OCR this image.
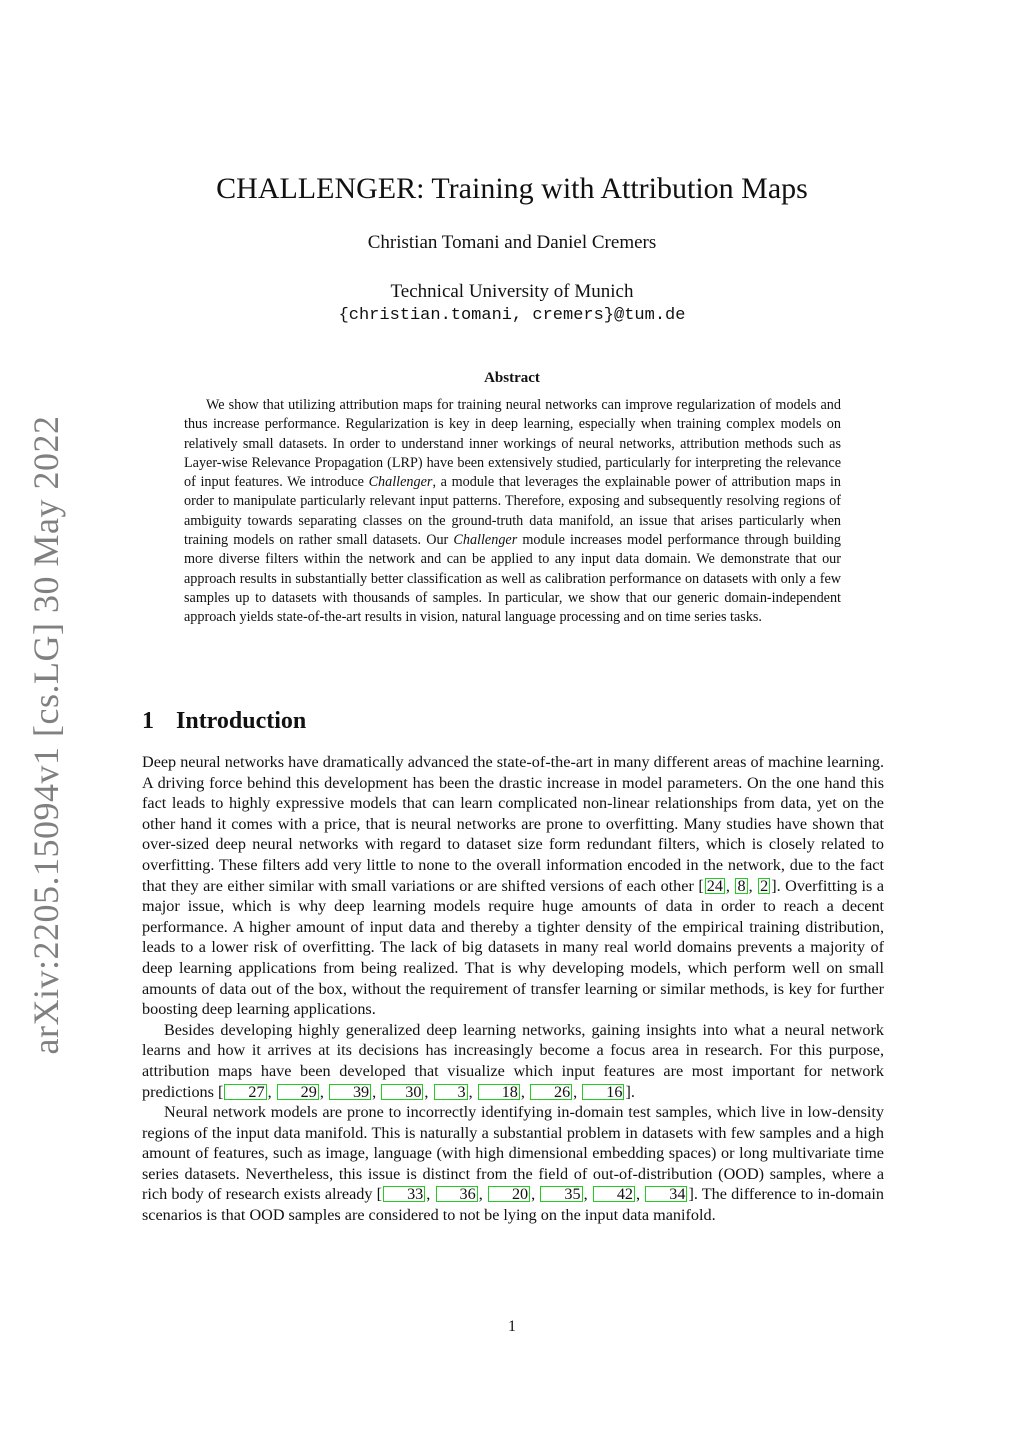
arXiv:2205.15094v1 [cs.LG] 30 May 2022
CHALLENGER: Training with Attribution Maps
Christian Tomani and Daniel Cremers
Technical University of Munich
{christian.tomani, cremers}@tum.de
Abstract
We show that utilizing attribution maps for training neural networks can improve regularization of models and thus increase performance. Regularization is key in deep learning, especially when training complex models on relatively small datasets. In order to understand inner workings of neural networks, attribution methods such as Layer-wise Relevance Propagation (LRP) have been extensively studied, particularly for interpreting the relevance of input features. We introduce Challenger, a module that leverages the explainable power of attribution maps in order to manipulate particularly relevant input patterns. Therefore, exposing and subsequently resolving regions of ambiguity towards separating classes on the ground-truth data manifold, an issue that arises particularly when training models on rather small datasets. Our Challenger module increases model performance through building more diverse filters within the network and can be applied to any input data domain. We demonstrate that our approach results in substantially better classification as well as calibration performance on datasets with only a few samples up to datasets with thousands of samples. In particular, we show that our generic domain-independent approach yields state-of-the-art results in vision, natural language processing and on time series tasks.
1 Introduction

Deep neural networks have dramatically advanced the state-of-the-art in many different areas of machine learning. A driving force behind this development has been the drastic increase in model parameters. On the one hand this fact leads to highly expressive models that can learn complicated non-linear relationships from data, yet on the other hand it comes with a price, that is neural networks are prone to overfitting. Many studies have shown that over-sized deep neural networks with regard to dataset size form redundant filters, which is closely related to overfitting. These filters add very little to none to the overall information encoded in the network, due to the fact that they are either similar with small variations or are shifted versions of each other [ 24 , 8 , 2 ]. Overfitting is a major issue, which is why deep learning models require huge amounts of data in order to reach a decent performance. A higher amount of input data and thereby a tighter density of the empirical training distribution, leads to a lower risk of overfitting. The lack of big datasets in many real world domains prevents a majority of deep learning applications from being realized. That is why developing models, which perform well on small amounts of data out of the box, without the requirement of transfer learning or similar methods, is key for further boosting deep learning applications.

Besides developing highly generalized deep learning networks, gaining insights into what a neural network learns and how it arrives at its decisions has increasingly become a focus area in research. For this purpose, attribution maps have been developed that visualize which input features are most important for network predictions [ 27 , 29 , 39 , 30 , 3 , 18 , 26 , 16 ].

Neural network models are prone to incorrectly identifying in-domain test samples, which live in low-density regions of the input data manifold. This is naturally a substantial problem in datasets with few samples and a high amount of features, such as image, language (with high dimensional embedding spaces) or long multivariate time series datasets. Nevertheless, this issue is distinct from the field of out-of-distribution (OOD) samples, where a rich body of research exists already [ 33 , 36 , 20 , 35 , 42 , 34 ]. The difference to in-domain scenarios is that OOD samples are considered to not be lying on the input data manifold.

1
